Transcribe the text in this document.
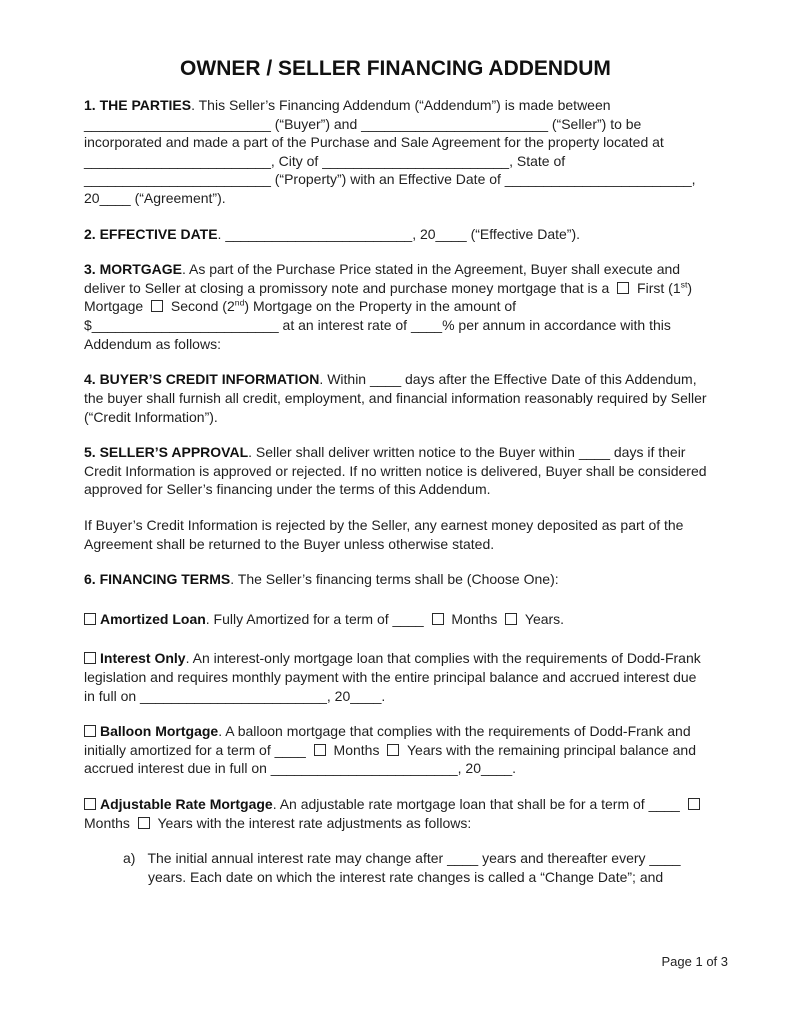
OWNER / SELLER FINANCING ADDENDUM

1. THE PARTIES. This Seller’s Financing Addendum (“Addendum”) is made between ________________________ (“Buyer”) and ________________________ (“Seller”) to be incorporated and made a part of the Purchase and Sale Agreement for the property located at ________________________, City of ________________________, State of ________________________ (“Property”) with an Effective Date of ________________________, 20____ (“Agreement”).

2. EFFECTIVE DATE. ________________________, 20____ (“Effective Date”).

3. MORTGAGE. As part of the Purchase Price stated in the Agreement, Buyer shall execute and deliver to Seller at closing a promissory note and purchase money mortgage that is a  First (1st) Mortgage  Second (2nd) Mortgage on the Property in the amount of $________________________ at an interest rate of ____% per annum in accordance with this Addendum as follows:

4. BUYER’S CREDIT INFORMATION. Within ____ days after the Effective Date of this Addendum, the buyer shall furnish all credit, employment, and financial information reasonably required by Seller (“Credit Information”).

5. SELLER’S APPROVAL. Seller shall deliver written notice to the Buyer within ____ days if their Credit Information is approved or rejected. If no written notice is delivered, Buyer shall be considered approved for Seller’s financing under the terms of this Addendum.

If Buyer’s Credit Information is rejected by the Seller, any earnest money deposited as part of the Agreement shall be returned to the Buyer unless otherwise stated.

6. FINANCING TERMS. The Seller’s financing terms shall be (Choose One):

Amortized Loan. Fully Amortized for a term of ____  Months  Years.

Interest Only. An interest-only mortgage loan that complies with the requirements of Dodd-Frank legislation and requires monthly payment with the entire principal balance and accrued interest due in full on ________________________, 20____.

Balloon Mortgage. A balloon mortgage that complies with the requirements of Dodd-Frank and initially amortized for a term of ____  Months  Years with the remaining principal balance and accrued interest due in full on ________________________, 20____.

Adjustable Rate Mortgage. An adjustable rate mortgage loan that shall be for a term of ____  Months  Years with the interest rate adjustments as follows:

a) The initial annual interest rate may change after ____ years and thereafter every ____ years. Each date on which the interest rate changes is called a “Change Date”; and

Page 1 of 3
